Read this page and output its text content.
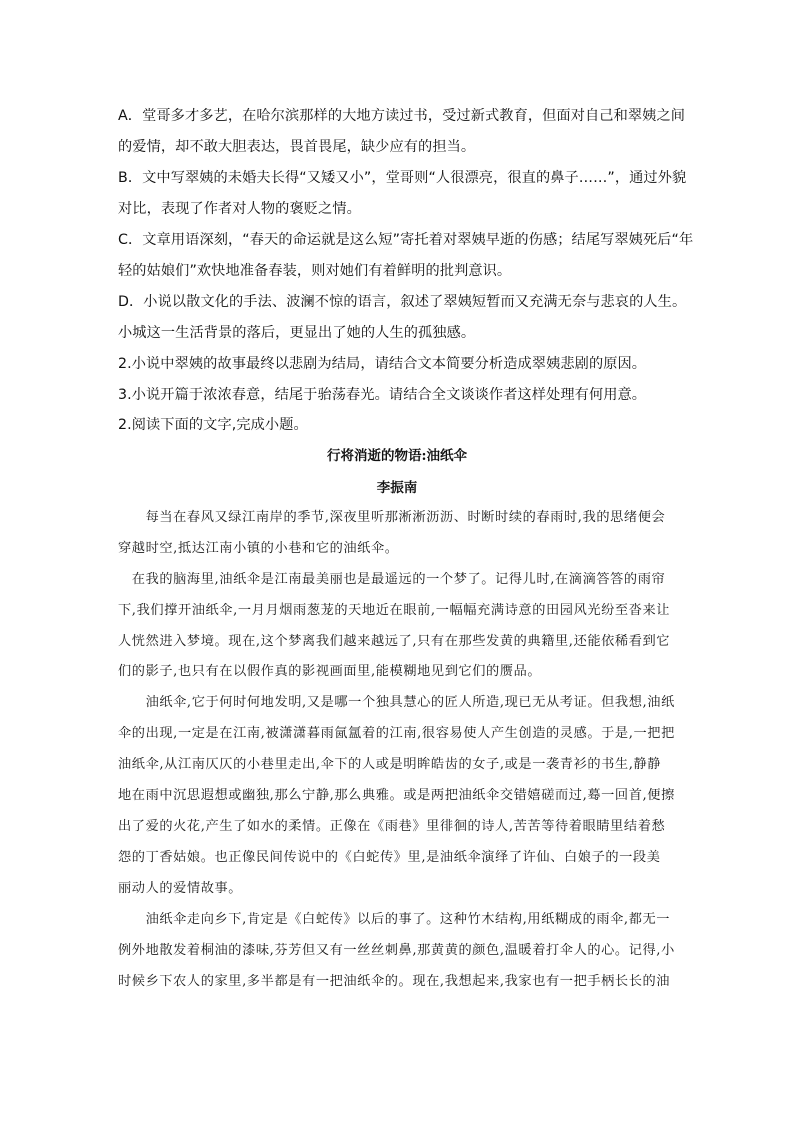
A．堂哥多才多艺，在哈尔滨那样的大地方读过书，受过新式教育，但面对自己和翠姨之间
的爱情，却不敢大胆表达，畏首畏尾，缺少应有的担当。
B．文中写翠姨的未婚夫长得“又矮又小”，堂哥则“人很漂亮，很直的鼻子……”，通过外貌
对比，表现了作者对人物的褒贬之情。
C．文章用语深刻，“春天的命运就是这么短”寄托着对翠姨早逝的伤感；结尾写翠姨死后“年
轻的姑娘们”欢快地准备春装，则对她们有着鲜明的批判意识。
D．小说以散文化的手法、波澜不惊的语言，叙述了翠姨短暂而又充满无奈与悲哀的人生。
小城这一生活背景的落后，更显出了她的人生的孤独感。
2.小说中翠姨的故事最终以悲剧为结局，请结合文本简要分析造成翠姨悲剧的原因。
3.小说开篇于浓浓春意，结尾于骀荡春光。请结合全文谈谈作者这样处理有何用意。
2.阅读下面的文字,完成小题。
行将消逝的物语:油纸伞
李振南
　　每当在春风又绿江南岸的季节,深夜里听那淅淅沥沥、时断时续的春雨时,我的思绪便会
穿越时空,抵达江南小镇的小巷和它的油纸伞。
　在我的脑海里,油纸伞是江南最美丽也是最遥远的一个梦了。记得儿时,在滴滴答答的雨帘
下,我们撑开油纸伞,一月月烟雨葱茏的天地近在眼前,一幅幅充满诗意的田园风光纷至沓来让
人恍然进入梦境。现在,这个梦离我们越来越远了,只有在那些发黄的典籍里,还能依稀看到它
们的影子,也只有在以假作真的影视画面里,能模糊地见到它们的赝品。
　　油纸伞,它于何时何地发明,又是哪一个独具慧心的匠人所造,现已无从考证。但我想,油纸
伞的出现,一定是在江南,被潇潇暮雨氤氲着的江南,很容易使人产生创造的灵感。于是,一把把
油纸伞,从江南仄仄的小巷里走出,伞下的人或是明眸皓齿的女子,或是一袭青衫的书生,静静
地在雨中沉思遐想或幽独,那么宁静,那么典雅。或是两把油纸伞交错嬉磋而过,蓦一回首,便擦
出了爱的火花,产生了如水的柔情。正像在《雨巷》里徘徊的诗人,苦苦等待着眼睛里结着愁
怨的丁香姑娘。也正像民间传说中的《白蛇传》里,是油纸伞演绎了许仙、白娘子的一段美
丽动人的爱情故事。
　　油纸伞走向乡下,肯定是《白蛇传》以后的事了。这种竹木结构,用纸糊成的雨伞,都无一
例外地散发着桐油的漆味,芬芳但又有一丝丝刺鼻,那黄黄的颜色,温暖着打伞人的心。记得,小
时候乡下农人的家里,多半都是有一把油纸伞的。现在,我想起来,我家也有一把手柄长长的油
